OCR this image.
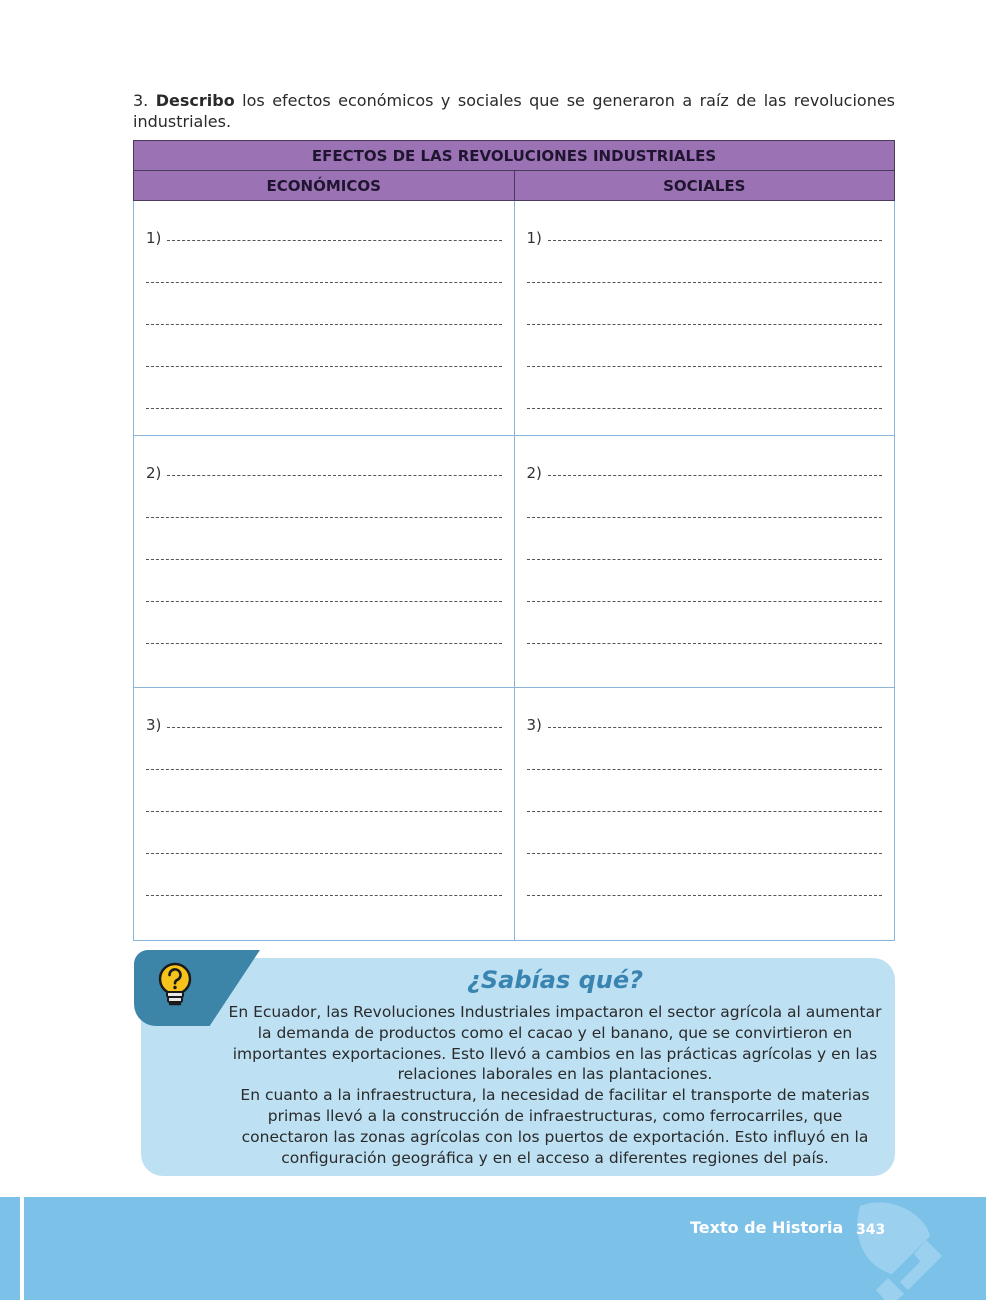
3. Describo los efectos económicos y sociales que se generaron a raíz de las revoluciones industriales.
EFECTOS DE LAS REVOLUCIONES INDUSTRIALES	
ECONÓMICOS	SOCIALES

1)	1)

2)	2)

3)	3)
¿Sabías qué?

En Ecuador, las Revoluciones Industriales impactaron el sector agrícola al aumentar la demanda de productos como el cacao y el banano, que se convirtieron en importantes exportaciones. Esto llevó a cambios en las prácticas agrícolas y en las relaciones laborales en las plantaciones.

En cuanto a la infraestructura, la necesidad de facilitar el transporte de materias primas llevó a la construcción de infraestructuras, como ferrocarriles, que conectaron las zonas agrícolas con los puertos de exportación. Esto influyó en la configuración geográfica y en el acceso a diferentes regiones del país.

Texto de Historia 343
